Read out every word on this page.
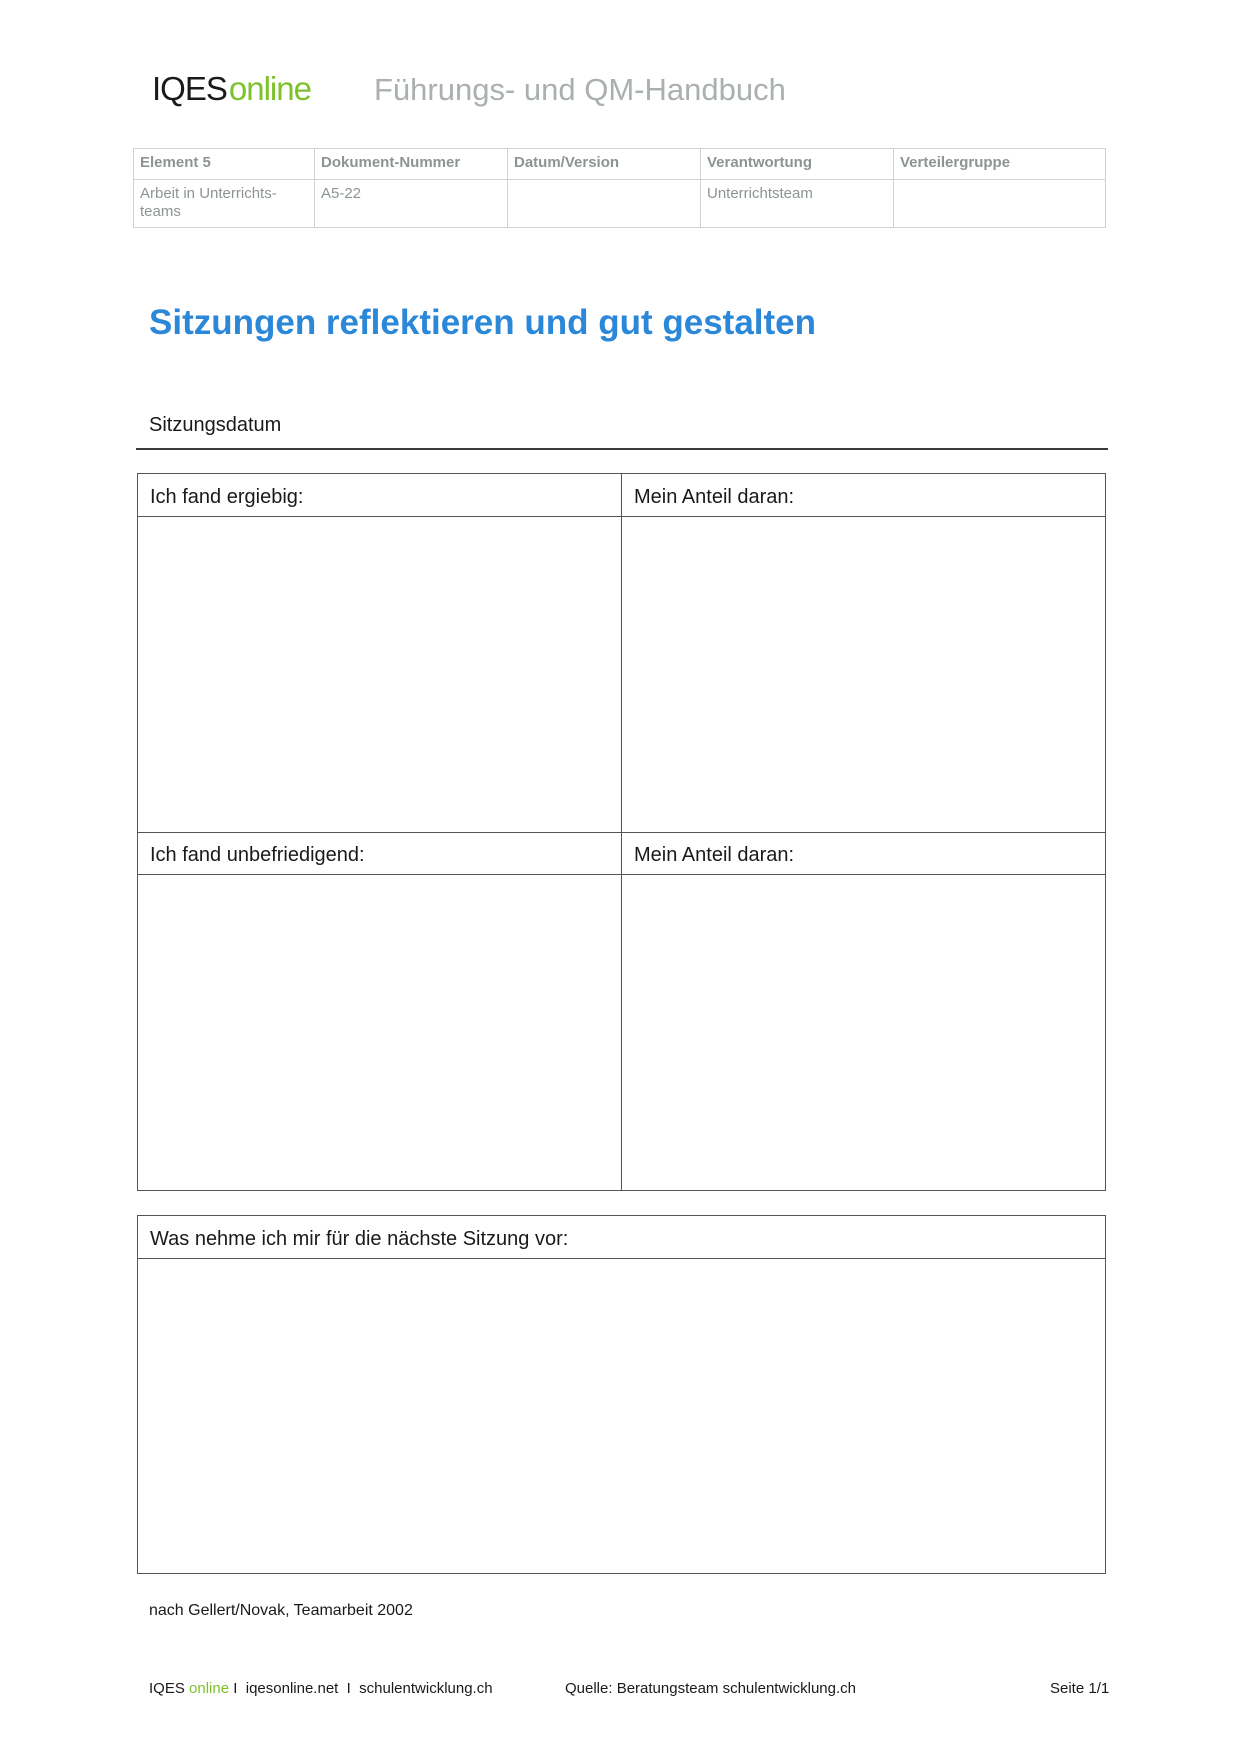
IQES online Führungs- und QM-Handbuch
Element 5	Dokument-Nummer	Datum/Version	Verantwortung	Verteilergruppe
Arbeit in Unterrichts-
teams	A5-22		Unterrichtsteam	
Sitzungen reflektieren und gut gestalten
Sitzungsdatum
Ich fand ergiebig:	Mein Anteil daran:
Ich fand unbefriedigend:	Mein Anteil daran:
Was nehme ich mir für die nächste Sitzung vor:
nach Gellert/Novak, Teamarbeit 2002
IQES online I  iqesonline.net  I  schulentwicklung.ch	Quelle: Beratungsteam schulentwicklung.ch	Seite 1/1
